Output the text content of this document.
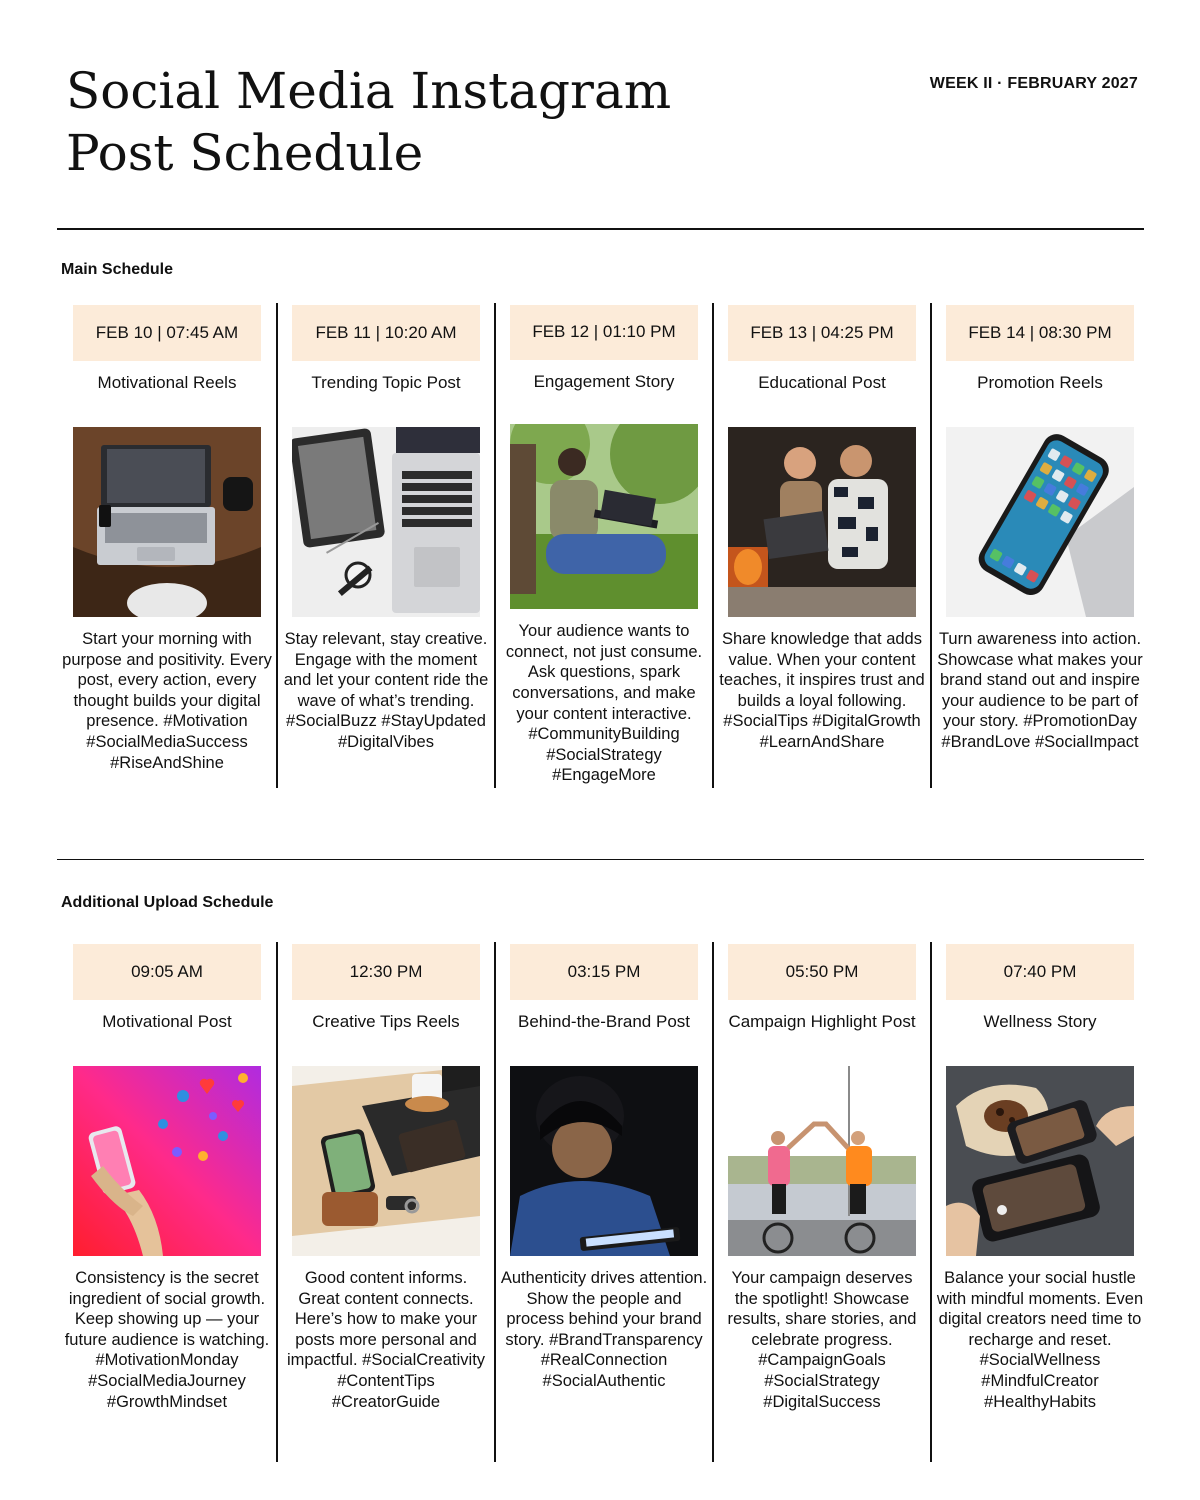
Social Media Instagram Post Schedule
WEEK II · FEBRUARY 2027
Main Schedule
FEB 10 | 07:45 AM
Motivational Reels
Start your morning with purpose and positivity. Every post, every action, every thought builds your digital presence. #Motivation #SocialMediaSuccess #RiseAndShine
FEB 11 | 10:20 AM
Trending Topic Post
Stay relevant, stay creative. Engage with the moment and let your content ride the wave of what’s trending. #SocialBuzz #StayUpdated #DigitalVibes
FEB 12 | 01:10 PM
Engagement Story
Your audience wants to connect, not just consume. Ask questions, spark conversations, and make your content interactive. #CommunityBuilding #SocialStrategy #EngageMore
FEB 13 | 04:25 PM
Educational Post
Share knowledge that adds value. When your content teaches, it inspires trust and builds a loyal following. #SocialTips #DigitalGrowth #LearnAndShare
FEB 14 | 08:30 PM
Promotion Reels
Turn awareness into action. Showcase what makes your brand stand out and inspire your audience to be part of your story. #PromotionDay #BrandLove #SocialImpact
Additional Upload Schedule
09:05 AM
Motivational Post
Consistency is the secret ingredient of social growth. Keep showing up — your future audience is watching. #MotivationMonday #SocialMediaJourney #GrowthMindset
12:30 PM
Creative Tips Reels
Good content informs. Great content connects. Here’s how to make your posts more personal and impactful. #SocialCreativity #ContentTips #CreatorGuide
03:15 PM
Behind-the-Brand Post
Authenticity drives attention. Show the people and process behind your brand story. #BrandTransparency #RealConnection #SocialAuthentic
05:50 PM
Campaign Highlight Post
Your campaign deserves the spotlight! Showcase results, share stories, and celebrate progress. #CampaignGoals #SocialStrategy #DigitalSuccess
07:40 PM
Wellness Story
Balance your social hustle with mindful moments. Even digital creators need time to recharge and reset. #SocialWellness #MindfulCreator #HealthyHabits
